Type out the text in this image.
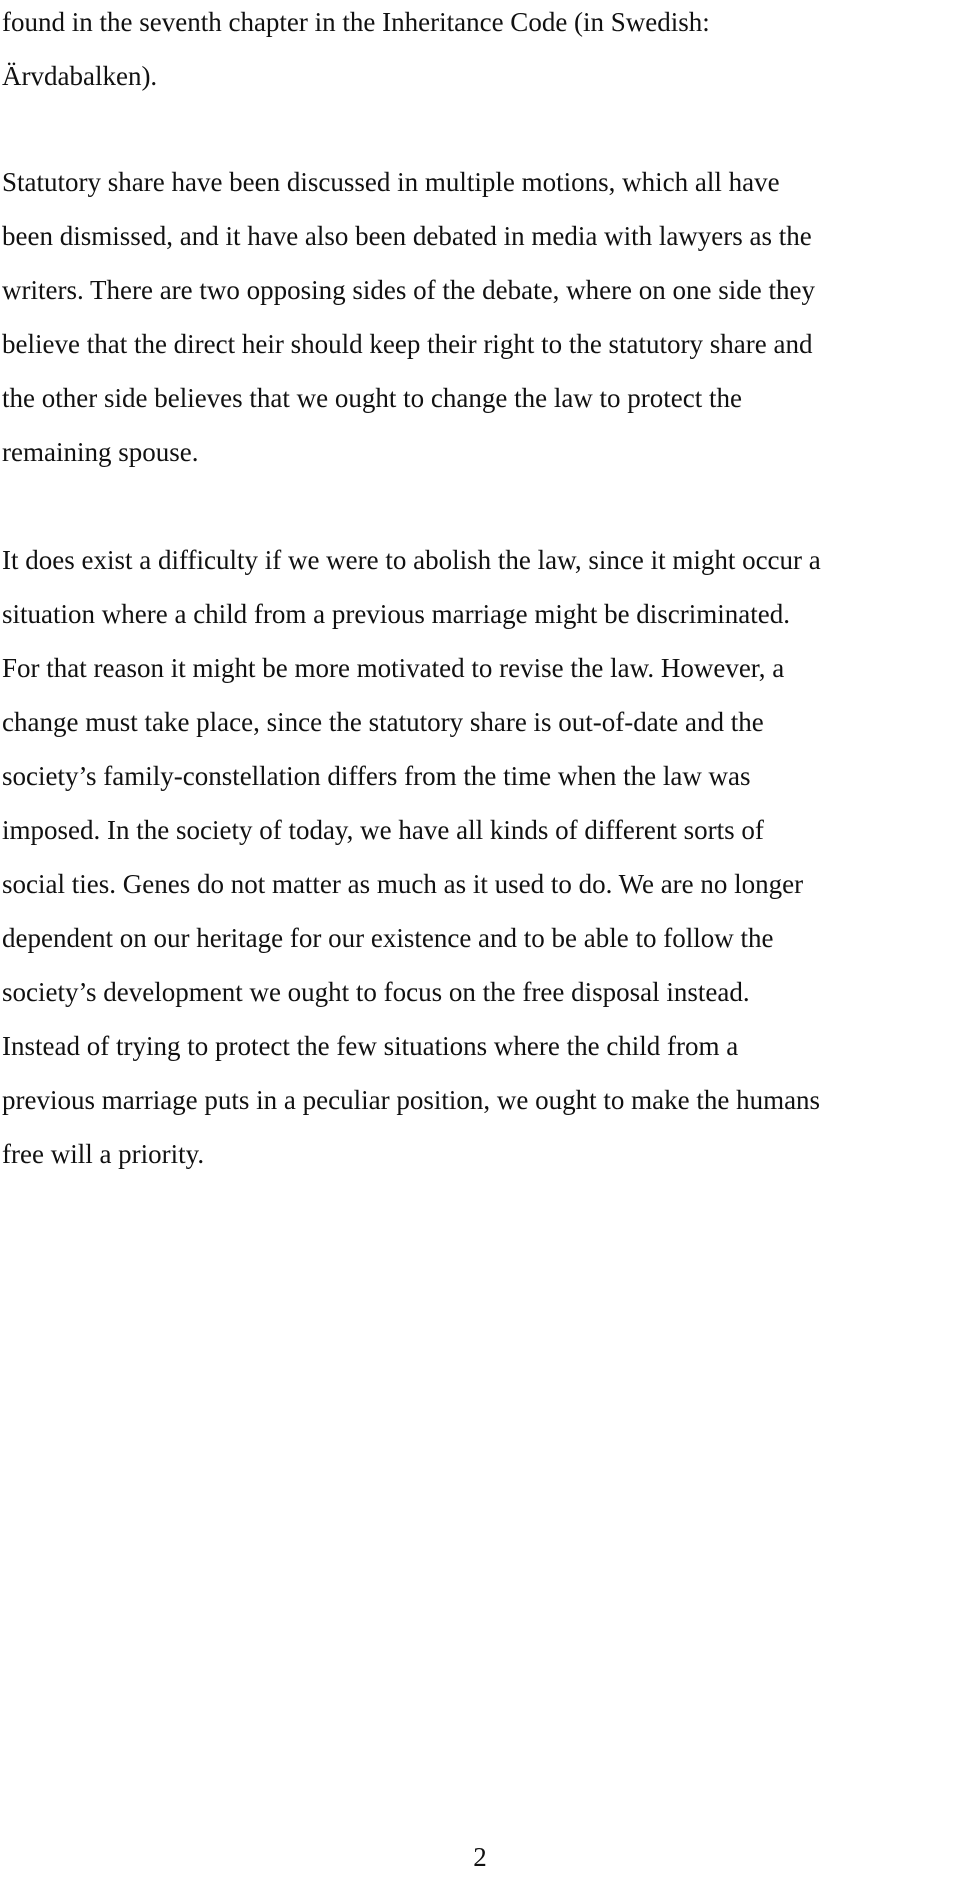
found in the seventh chapter in the Inheritance Code (in Swedish:
Ärvdabalken).
Statutory share have been discussed in multiple motions, which all have
been dismissed, and it have also been debated in media with lawyers as the
writers. There are two opposing sides of the debate, where on one side they
believe that the direct heir should keep their right to the statutory share and
the other side believes that we ought to change the law to protect the
remaining spouse.
It does exist a difficulty if we were to abolish the law, since it might occur a
situation where a child from a previous marriage might be discriminated.
For that reason it might be more motivated to revise the law. However, a
change must take place, since the statutory share is out-of-date and the
society’s family-constellation differs from the time when the law was
imposed. In the society of today, we have all kinds of different sorts of
social ties. Genes do not matter as much as it used to do. We are no longer
dependent on our heritage for our existence and to be able to follow the
society’s development we ought to focus on the free disposal instead.
Instead of trying to protect the few situations where the child from a
previous marriage puts in a peculiar position, we ought to make the humans
free will a priority.
2
